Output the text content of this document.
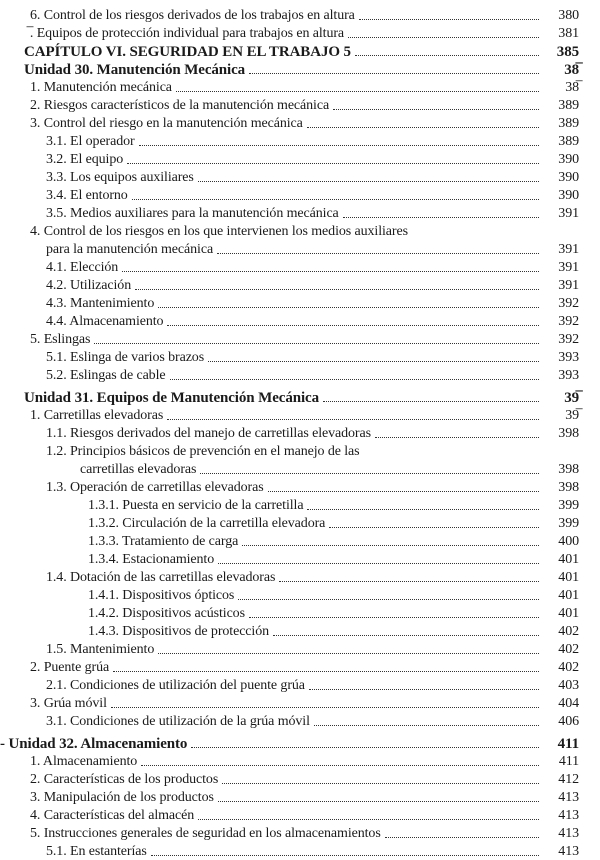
6. Control de los riesgos derivados de los trabajos en altura	380
̅. Equipos de protección individual para trabajos en altura	381
CAPÍTULO VI. SEGURIDAD EN EL TRABAJO 5	385
Unidad 30. Manutención Mecánica	38̅
1. Manutención mecánica	38̅
2. Riesgos característicos de la manutención mecánica	389
3. Control del riesgo en la manutención mecánica	389
3.1. El operador	389
3.2. El equipo	390
3.3. Los equipos auxiliares	390
3.4. El entorno	390
3.5. Medios auxiliares para la manutención mecánica	391
4. Control de los riesgos en los que intervienen los medios auxiliares
para la manutención mecánica	391
4.1. Elección	391
4.2. Utilización	391
4.3. Mantenimiento	392
4.4. Almacenamiento	392
5. Eslingas	392
5.1. Eslinga de varios brazos	393
5.2. Eslingas de cable	393
Unidad 31. Equipos de Manutención Mecánica	39̅
1. Carretillas elevadoras	39̅
1.1. Riesgos derivados del manejo de carretillas elevadoras	398
1.2. Principios básicos de prevención en el manejo de las
carretillas elevadoras	398
1.3. Operación de carretillas elevadoras	398
1.3.1. Puesta en servicio de la carretilla	399
1.3.2. Circulación de la carretilla elevadora	399
1.3.3. Tratamiento de carga	400
1.3.4. Estacionamiento	401
1.4. Dotación de las carretillas elevadoras	401
1.4.1. Dispositivos ópticos	401
1.4.2. Dispositivos acústicos	401
1.4.3. Dispositivos de protección	402
1.5. Mantenimiento	402
2. Puente grúa	402
2.1. Condiciones de utilización del puente grúa	403
3. Grúa móvil	404
3.1. Condiciones de utilización de la grúa móvil	406
- Unidad 32. Almacenamiento	411
1. Almacenamiento	411
2. Características de los productos	412
3. Manipulación de los productos	413
4. Características del almacén	413
5. Instrucciones generales de seguridad en los almacenamientos	413
5.1. En estanterías	413
